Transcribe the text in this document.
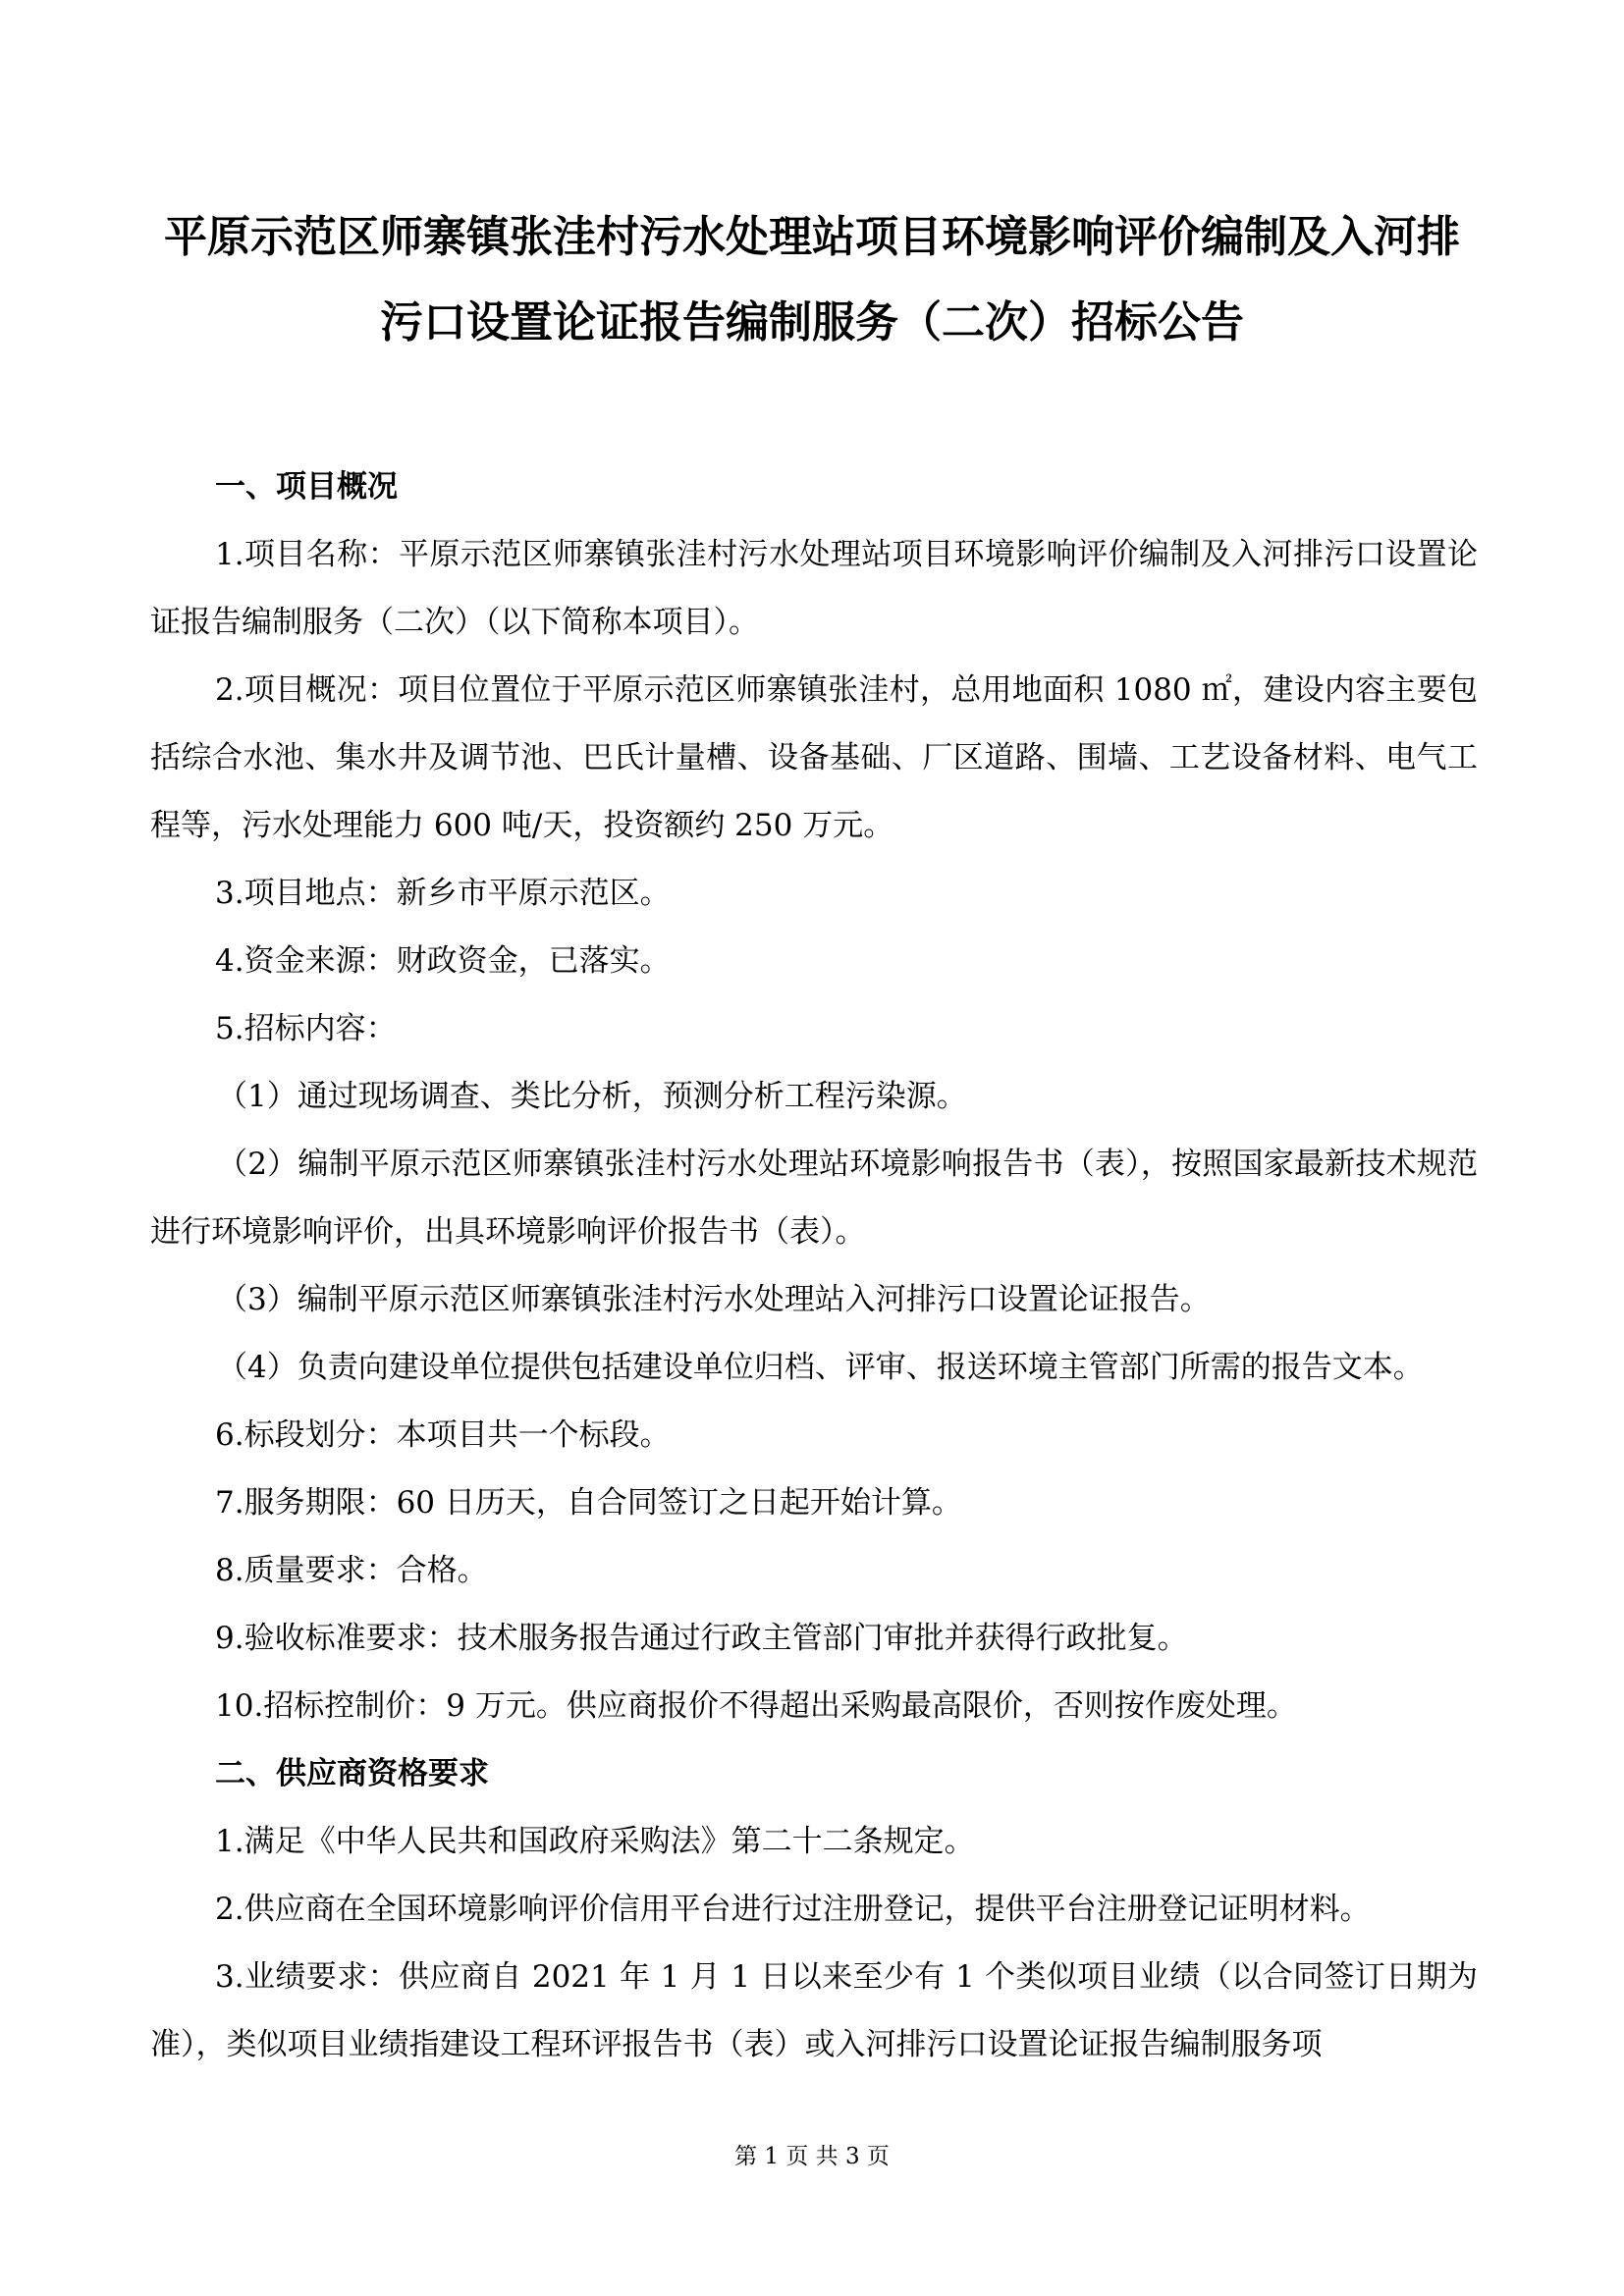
平原示范区师寨镇张洼村污水处理站项目环境影响评价编制及入河排
污口设置论证报告编制服务（二次）招标公告
一、项目概况

1.项目名称：平原示范区师寨镇张洼村污水处理站项目环境影响评价编制及入河排污口设置论证报告编制服务（二次）（以下简称本项目）。

2.项目概况：项目位置位于平原示范区师寨镇张洼村，总用地面积 1080 ㎡，建设内容主要包括综合水池、集水井及调节池、巴氏计量槽、设备基础、厂区道路、围墙、工艺设备材料、电气工程等，污水处理能力 600 吨/天，投资额约 250 万元。

3.项目地点：新乡市平原示范区。

4.资金来源：财政资金，已落实。

5.招标内容：

（1）通过现场调查、类比分析，预测分析工程污染源。

（2）编制平原示范区师寨镇张洼村污水处理站环境影响报告书（表），按照国家最新技术规范进行环境影响评价，出具环境影响评价报告书（表）。

（3）编制平原示范区师寨镇张洼村污水处理站入河排污口设置论证报告。

（4）负责向建设单位提供包括建设单位归档、评审、报送环境主管部门所需的报告文本。

6.标段划分：本项目共一个标段。

7.服务期限：60 日历天，自合同签订之日起开始计算。

8.质量要求：合格。

9.验收标准要求：技术服务报告通过行政主管部门审批并获得行政批复。

10.招标控制价：9 万元。供应商报价不得超出采购最高限价，否则按作废处理。

二、供应商资格要求

1.满足《中华人民共和国政府采购法》第二十二条规定。

2.供应商在全国环境影响评价信用平台进行过注册登记，提供平台注册登记证明材料。

3.业绩要求：供应商自 2021 年 1 月 1 日以来至少有 1 个类似项目业绩（以合同签订日期为准），类似项目业绩指建设工程环评报告书（表）或入河排污口设置论证报告编制服务项

第 1 页 共 3 页
